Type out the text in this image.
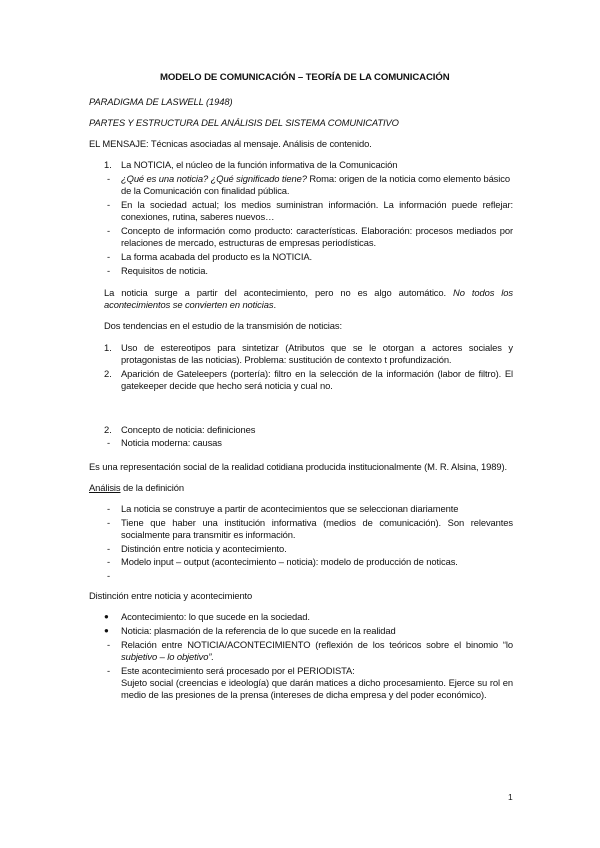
MODELO DE COMUNICACIÓN – TEORÍA DE LA COMUNICACIÓN
PARADIGMA DE LASWELL (1948)
PARTES Y ESTRUCTURA DEL ANÁLISIS DEL SISTEMA COMUNICATIVO
EL MENSAJE: Técnicas asociadas al mensaje. Análisis de contenido.
1. La NOTICIA, el núcleo de la función informativa de la Comunicación
- ¿Qué es una noticia? ¿Qué significado tiene? Roma: origen de la noticia como elemento básico
de la Comunicación con finalidad pública.
- En la sociedad actual; los medios suministran información. La información puede reflejar:
conexiones, rutina, saberes nuevos…
- Concepto de información como producto: características. Elaboración: procesos mediados por
relaciones de mercado, estructuras de empresas periodísticas.
- La forma acabada del producto es la NOTICIA.
- Requisitos de noticia.
La noticia surge a partir del acontecimiento, pero no es algo automático. No todos los
acontecimientos se convierten en noticias.
Dos tendencias en el estudio de la transmisión de noticias:
1. Uso de estereotipos para sintetizar (Atributos que se le otorgan a actores sociales y
protagonistas de las noticias). Problema: sustitución de contexto t profundización.
2. Aparición de Gateleepers (portería): filtro en la selección de la información (labor de filtro). El
gatekeeper decide que hecho será noticia y cual no.
2. Concepto de noticia: definiciones
- Noticia moderna: causas
Es una representación social de la realidad cotidiana producida institucionalmente (M. R. Alsina, 1989).
Análisis de la definición
- La noticia se construye a partir de acontecimientos que se seleccionan diariamente
- Tiene que haber una institución informativa (medios de comunicación). Son relevantes
socialmente para transmitir es información.
- Distinción entre noticia y acontecimiento.
- Modelo input – output (acontecimiento – noticia): modelo de producción de noticas.
-
Distinción entre noticia y acontecimiento
● Acontecimiento: lo que sucede en la sociedad.
● Noticia: plasmación de la referencia de lo que sucede en la realidad
- Relación entre NOTICIA/ACONTECIMIENTO (reflexión de los teóricos sobre el binomio “lo
subjetivo – lo objetivo”.
- Este acontecimiento será procesado por el PERIODISTA:
Sujeto social (creencias e ideología) que darán matices a dicho procesamiento. Ejerce su rol en
medio de las presiones de la prensa (intereses de dicha empresa y del poder económico).
1
